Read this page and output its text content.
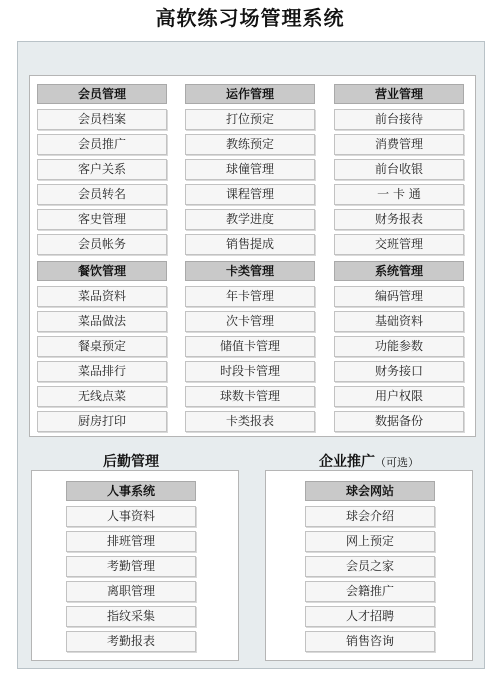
高软练习场管理系统
会员管理
会员档案
会员推广
客户关系
会员转名
客史管理
会员帐务
运作管理
打位预定
教练预定
球僮管理
课程管理
教学进度
销售提成
营业管理
前台接待
消费管理
前台收银
一 卡 通
财务报表
交班管理
餐饮管理
菜品资料
菜品做法
餐桌预定
菜品排行
无线点菜
厨房打印
卡类管理
年卡管理
次卡管理
储值卡管理
时段卡管理
球数卡管理
卡类报表
系统管理
编码管理
基础资料
功能参数
财务接口
用户权限
数据备份
后勤管理	企业推广（可选）
人事系统
人事资料
排班管理
考勤管理
离职管理
指纹采集
考勤报表
球会网站
球会介绍
网上预定
会员之家
会籍推广
人才招聘
销售咨询
